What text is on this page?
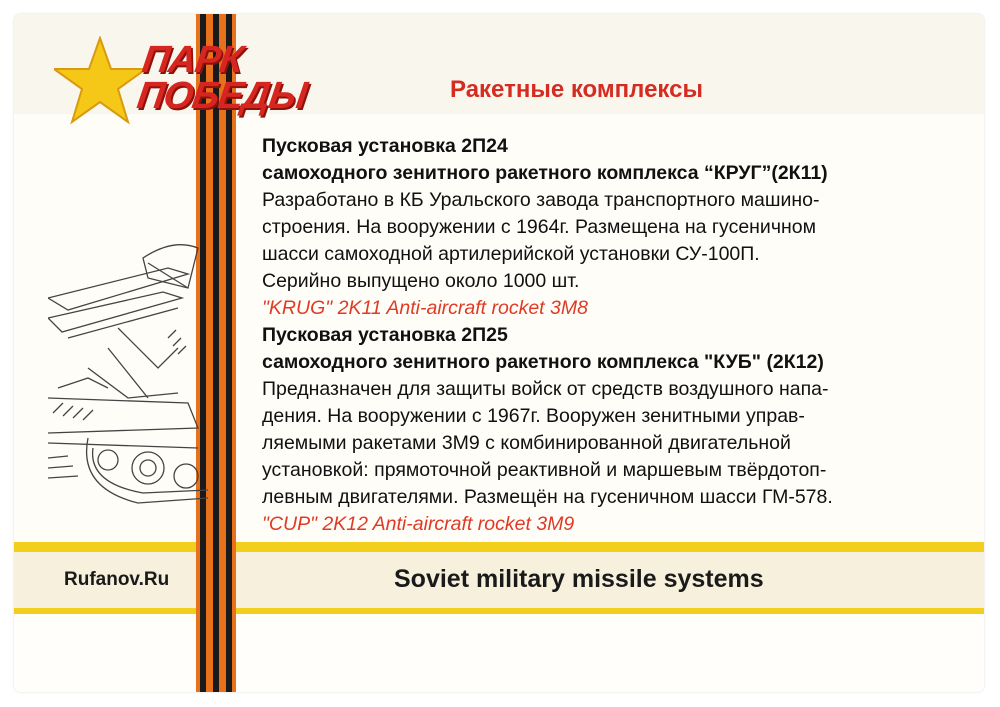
ПАРК
ПОБЕДЫ	Ракетные комплексы
Пусковая установка 2П24
самоходного зенитного ракетного комплекса “КРУГ”(2К11)
Разработано в КБ Уральского завода транспортного машино-
строения. На вооружении с 1964г. Размещена на гусеничном
шасси самоходной артилерийской установки СУ-100П.
Серийно выпущено около 1000 шт.
"KRUG" 2K11 Anti-aircraft rocket 3M8
Пусковая установка 2П25
самоходного зенитного ракетного комплекса "КУБ" (2К12)
Предназначен для защиты войск от средств воздушного напа-
дения. На вооружении с 1967г. Вооружен зенитными управ-
ляемыми ракетами 3М9 с комбинированной двигательной
установкой: прямоточной реактивной и маршевым твёрдотоп-
левным двигателями. Размещён на гусеничном шасси ГМ-578.
"CUP" 2K12 Anti-aircraft rocket 3M9
Rufanov.Ru	Soviet military missile systems
